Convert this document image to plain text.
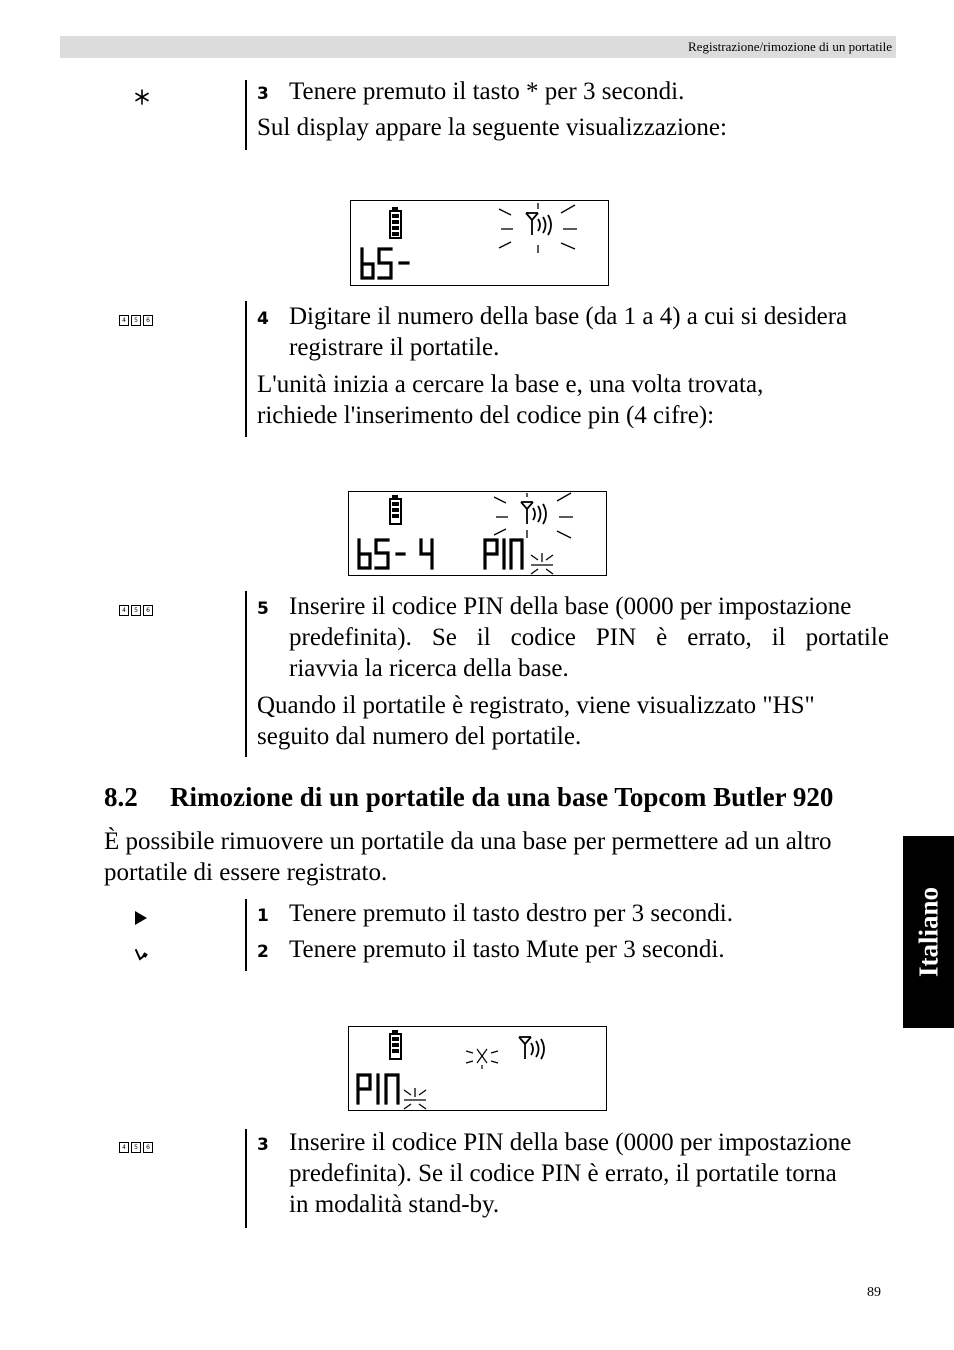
Registrazione/rimozione di un portatile
Italiano
3 Tenere premuto il tasto * per 3 secondi.
Sul display appare la seguente visualizzazione:
4	5	6	4 Digitare il numero della base (da 1 a 4) a cui si desidera
registrare il portatile.
L'unità inizia a cercare la base e, una volta trovata,
richiede l'inserimento del codice pin (4 cifre):
4	5	6	5 Inserire il codice PIN della base (0000 per impostazione
predefinita). Se il codice PIN è errato, il portatile
riavvia la ricerca della base.
Quando il portatile è registrato, viene visualizzato "HS"
seguito dal numero del portatile.
8.2 Rimozione di un portatile da una base Topcom Butler 920
È possibile rimuovere un portatile da una base per permettere ad un altro
portatile di essere registrato.
1 Tenere premuto il tasto destro per 3 secondi.
2 Tenere premuto il tasto Mute per 3 secondi.
4	5	6	3 Inserire il codice PIN della base (0000 per impostazione
predefinita). Se il codice PIN è errato, il portatile torna
in modalità stand-by.
89
